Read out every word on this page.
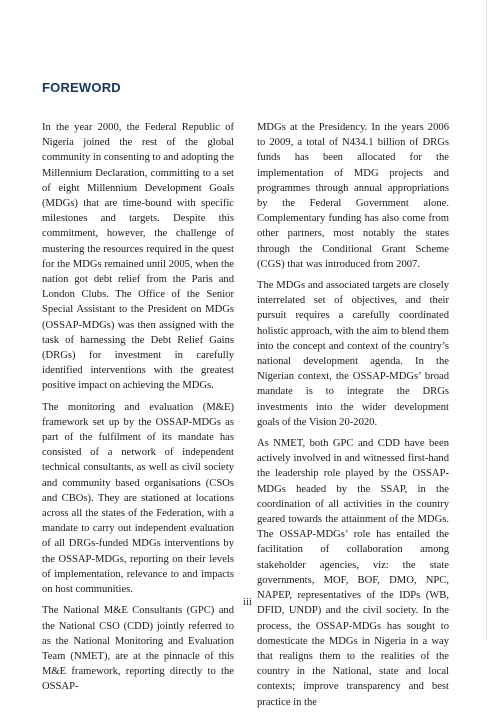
FOREWORD

In the year 2000, the Federal Republic of Nigeria joined the rest of the global community in consenting to and adopting the Millennium Declaration, committing to a set of eight Millennium Development Goals (MDGs) that are time-bound with specific milestones and targets. Despite this commitment, however, the challenge of mustering the resources required in the quest for the MDGs remained until 2005, when the nation got debt relief from the Paris and London Clubs. The Office of the Senior Special Assistant to the President on MDGs (OSSAP-MDGs) was then assigned with the task of harnessing the Debt Relief Gains (DRGs) for investment in carefully identified interventions with the greatest positive impact on achieving the MDGs.

The monitoring and evaluation (M&E) framework set up by the OSSAP-MDGs as part of the fulfilment of its mandate has consisted of a network of independent technical consultants, as well as civil society and community based organisations (CSOs and CBOs). They are stationed at locations across all the states of the Federation, with a mandate to carry out independent evaluation of all DRGs-funded MDGs interventions by the OSSAP-MDGs, reporting on their levels of implementation, relevance to and impacts on host communities.

The National M&E Consultants (GPC) and the National CSO (CDD) jointly referred to as the National Monitoring and Evaluation Team (NMET), are at the pinnacle of this M&E framework, reporting directly to the OSSAP-

MDGs at the Presidency. In the years 2006 to 2009, a total of N434.1 billion of DRGs funds has been allocated for the implementation of MDG projects and programmes through annual appropriations by the Federal Government alone. Complementary funding has also come from other partners, most notably the states through the Conditional Grant Scheme (CGS) that was introduced from 2007.

The MDGs and associated targets are closely interrelated set of objectives, and their pursuit requires a carefully coordinated holistic approach, with the aim to blend them into the concept and context of the country’s national development agenda. In the Nigerian context, the OSSAP-MDGs’ broad mandate is to integrate the DRGs investments into the wider development goals of the Vision 20-2020.

As NMET, both GPC and CDD have been actively involved in and witnessed first-hand the leadership role played by the OSSAP-MDGs headed by the SSAP, in the coordination of all activities in the country geared towards the attainment of the MDGs. The OSSAP-MDGs’ role has entailed the facilitation of collaboration among stakeholder agencies, viz: the state governments, MOF, BOF, DMO, NPC, NAPEP, representatives of the IDPs (WB, DFID, UNDP) and the civil society. In the process, the OSSAP-MDGs has sought to domesticate the MDGs in Nigeria in a way that realigns them to the realities of the country in the National, state and local contexts; improve transparency and best practice in the

iii
